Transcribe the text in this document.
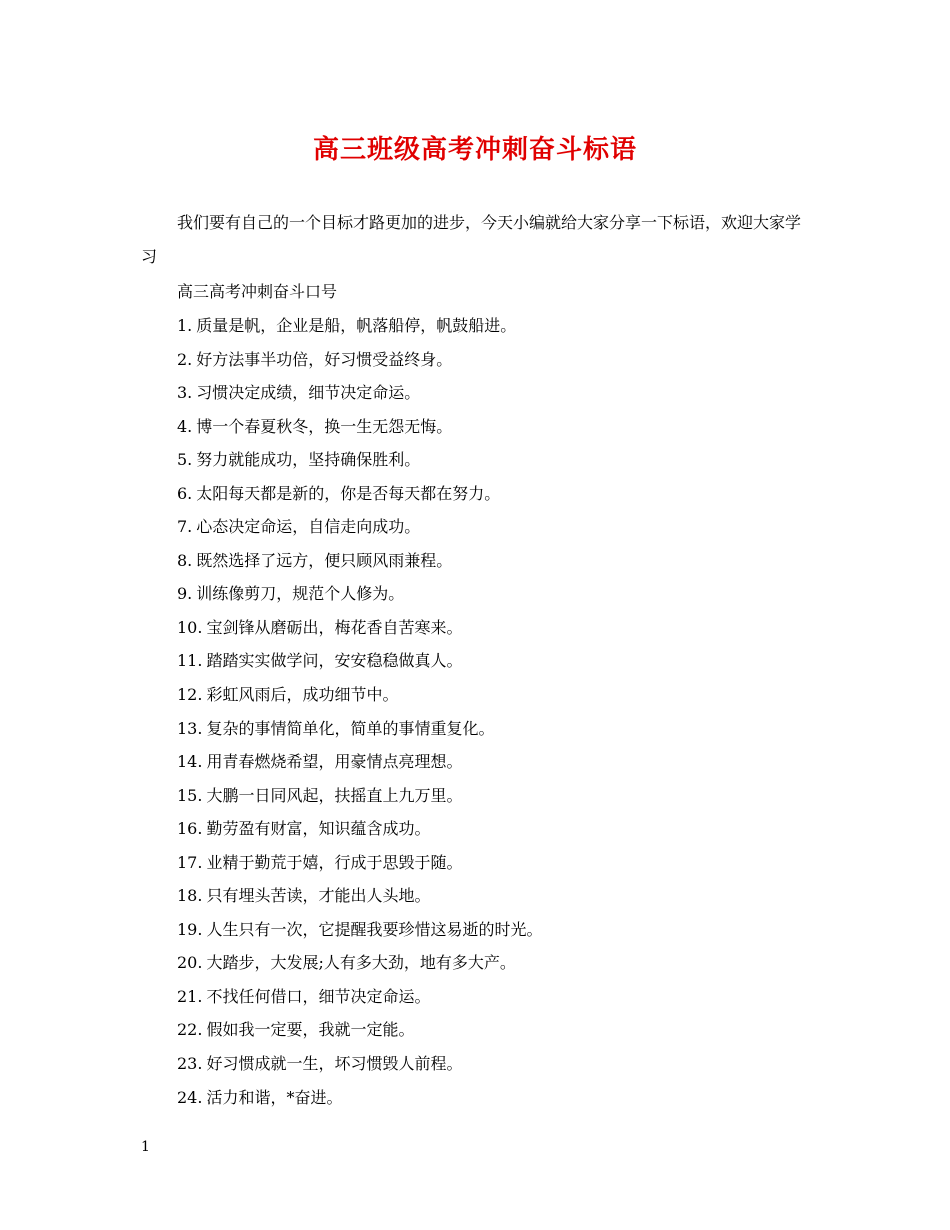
高三班级高考冲刺奋斗标语

我们要有自己的一个目标才路更加的进步，今天小编就给大家分享一下标语，欢迎大家学习

高三高考冲刺奋斗口号
1. 质量是帆，企业是船，帆落船停，帆鼓船进。
2. 好方法事半功倍，好习惯受益终身。
3. 习惯决定成绩，细节决定命运。
4. 博一个春夏秋冬，换一生无怨无悔。
5. 努力就能成功，坚持确保胜利。
6. 太阳每天都是新的，你是否每天都在努力。
7. 心态决定命运，自信走向成功。
8. 既然选择了远方，便只顾风雨兼程。
9. 训练像剪刀，规范个人修为。
10. 宝剑锋从磨砺出，梅花香自苦寒来。
11. 踏踏实实做学问，安安稳稳做真人。
12. 彩虹风雨后，成功细节中。
13. 复杂的事情简单化，简单的事情重复化。
14. 用青春燃烧希望，用豪情点亮理想。
15. 大鹏一日同风起，扶摇直上九万里。
16. 勤劳盈有财富，知识蕴含成功。
17. 业精于勤荒于嬉，行成于思毁于随。
18. 只有埋头苦读，才能出人头地。
19. 人生只有一次，它提醒我要珍惜这易逝的时光。
20. 大踏步，大发展;人有多大劲，地有多大产。
21. 不找任何借口，细节决定命运。
22. 假如我一定要，我就一定能。
23. 好习惯成就一生，坏习惯毁人前程。
24. 活力和谐，*奋进。
1
